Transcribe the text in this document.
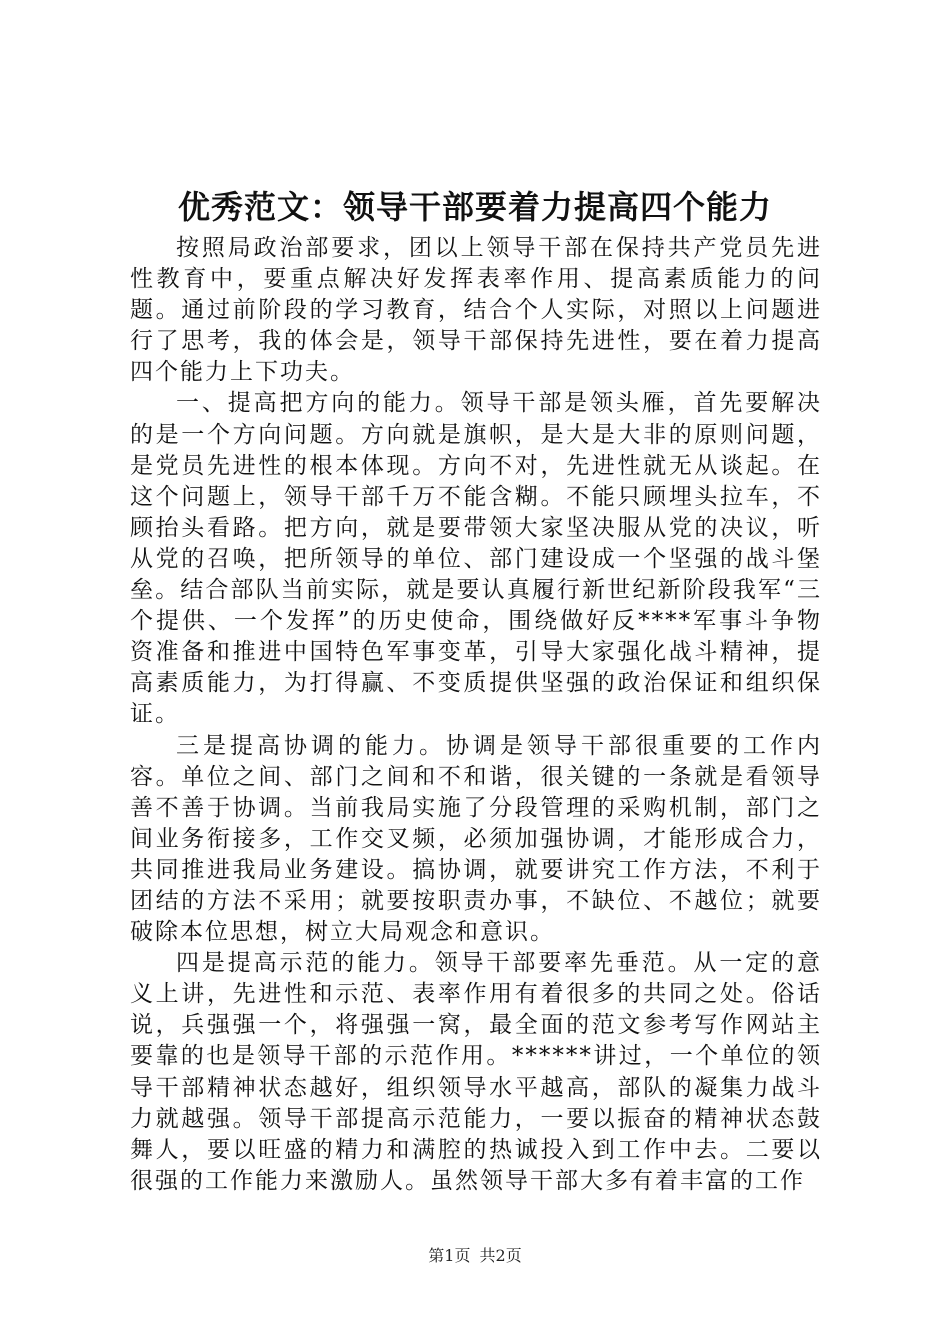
优秀范文：领导干部要着力提高四个能力

按照局政治部要求，团以上领导干部在保持共产党员先进性教育中，要重点解决好发挥表率作用、提高素质能力的问题。通过前阶段的学习教育，结合个人实际，对照以上问题进行了思考，我的体会是，领导干部保持先进性，要在着力提高四个能力上下功夫。

一、提高把方向的能力。领导干部是领头雁，首先要解决的是一个方向问题。方向就是旗帜，是大是大非的原则问题，是党员先进性的根本体现。方向不对，先进性就无从谈起。在这个问题上，领导干部千万不能含糊。不能只顾埋头拉车，不顾抬头看路。把方向，就是要带领大家坚决服从党的决议，听从党的召唤，把所领导的单位、部门建设成一个坚强的战斗堡垒。结合部队当前实际，就是要认真履行新世纪新阶段我军“三个提供、一个发挥”的历史使命，围绕做好反****军事斗争物资准备和推进中国特色军事变革，引导大家强化战斗精神，提高素质能力，为打得赢、不变质提供坚强的政治保证和组织保证。

三是提高协调的能力。协调是领导干部很重要的工作内容。单位之间、部门之间和不和谐，很关键的一条就是看领导善不善于协调。当前我局实施了分段管理的采购机制，部门之间业务衔接多，工作交叉频，必须加强协调，才能形成合力，共同推进我局业务建设。搞协调，就要讲究工作方法，不利于团结的方法不采用；就要按职责办事，不缺位、不越位；就要破除本位思想，树立大局观念和意识。

四是提高示范的能力。领导干部要率先垂范。从一定的意义上讲，先进性和示范、表率作用有着很多的共同之处。俗话说，兵强强一个，将强强一窝，最全面的范文参考写作网站主要靠的也是领导干部的示范作用。******讲过，一个单位的领导干部精神状态越好，组织领导水平越高，部队的凝集力战斗力就越强。领导干部提高示范能力，一要以振奋的精神状态鼓舞人，要以旺盛的精力和满腔的热诚投入到工作中去。二要以很强的工作能力来激励人。虽然领导干部大多有着丰富的工作

第1页 共2页
